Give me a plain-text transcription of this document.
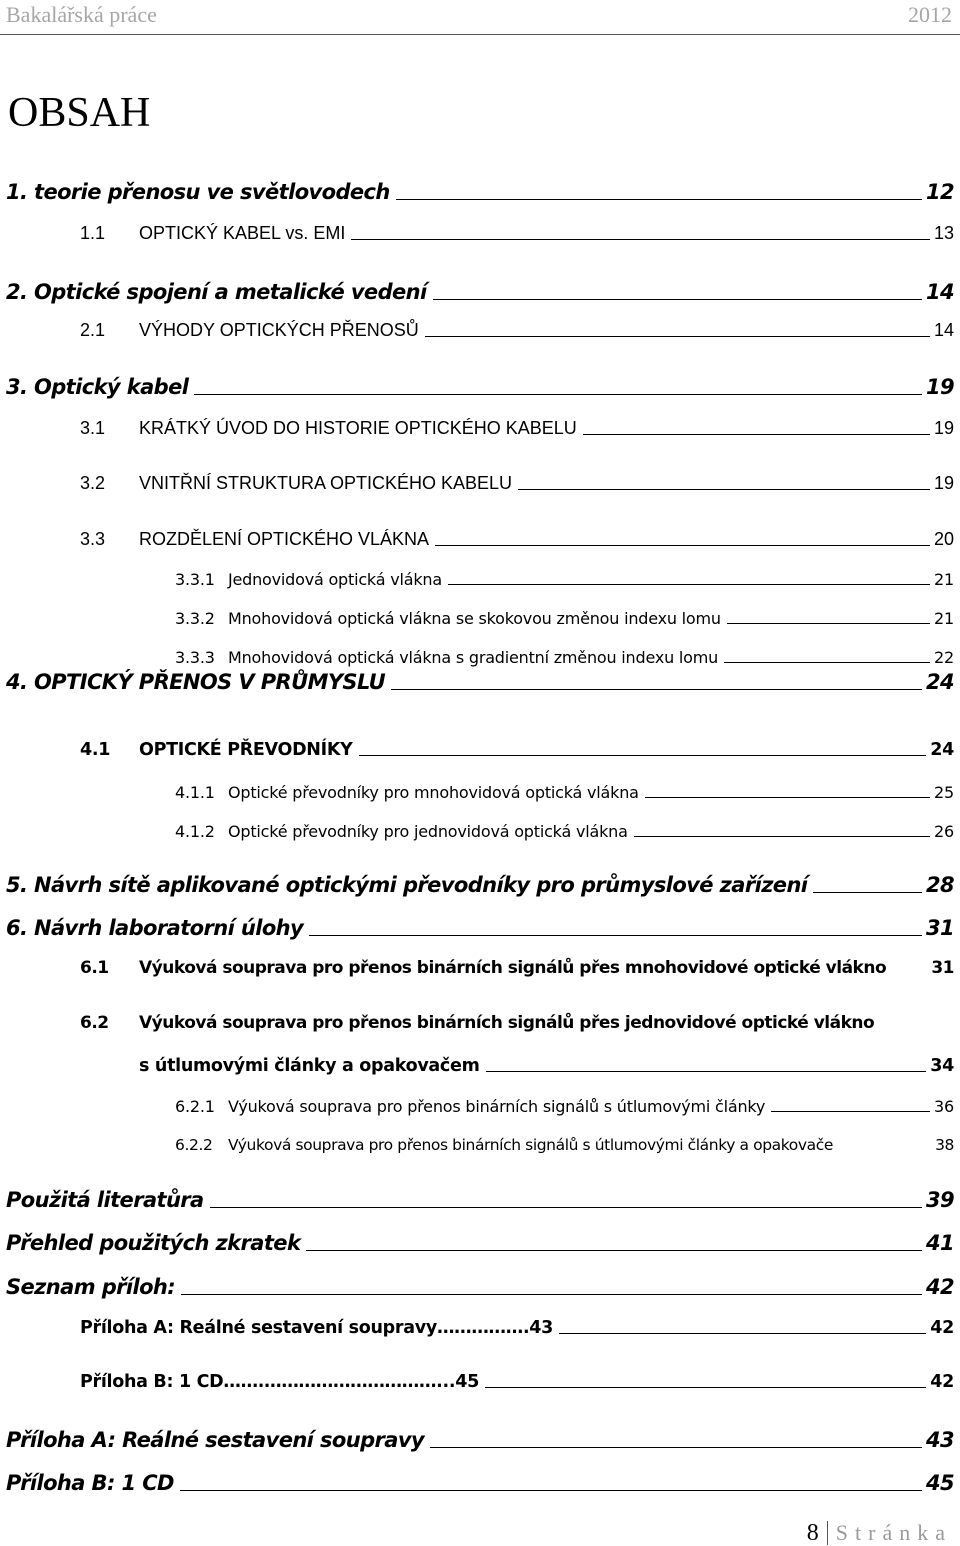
Bakalářská práce	2012
OBSAH
1. teorie přenosu ve světlovodech	12
1.1 OPTICKÝ KABEL vs. EMI	13
2. Optické spojení a metalické vedení	14
2.1 VÝHODY OPTICKÝCH PŘENOSŮ	14
3. Optický kabel	19
3.1 KRÁTKÝ ÚVOD DO HISTORIE OPTICKÉHO KABELU	19
3.2 VNITŘNÍ STRUKTURA OPTICKÉHO KABELU	19
3.3 ROZDĚLENÍ OPTICKÉHO VLÁKNA	20
3.3.1 Jednovidová optická vlákna	21
3.3.2 Mnohovidová optická vlákna se skokovou změnou indexu lomu	21
3.3.3 Mnohovidová optická vlákna s gradientní změnou indexu lomu	22
4. OPTICKÝ PŘENOS V PRŮMYSLU	24
4.1 OPTICKÉ PŘEVODNÍKY	24
4.1.1 Optické převodníky pro mnohovidová optická vlákna	25
4.1.2 Optické převodníky pro jednovidová optická vlákna	26
5. Návrh sítě aplikované optickými převodníky pro průmyslové zařízení	28
6. Návrh laboratorní úlohy	31
6.1 Výuková souprava pro přenos binárních signálů přes mnohovidové optické vlákno	31
6.2 Výuková souprava pro přenos binárních signálů přes jednovidové optické vlákno
s útlumovými články a opakovačem	34
6.2.1 Výuková souprava pro přenos binárních signálů s útlumovými články	36
6.2.2 Výuková souprava pro přenos binárních signálů s útlumovými články a opakovače	38
Použitá literatůra	39
Přehled použitých zkratek	41
Seznam příloh:	42
Příloha A: Reálné sestavení soupravy…………….43	42
Příloha B: 1 CD…….…………………………...45	42
Příloha A: Reálné sestavení soupravy	43
Příloha B: 1 CD	45
8 Stránka
